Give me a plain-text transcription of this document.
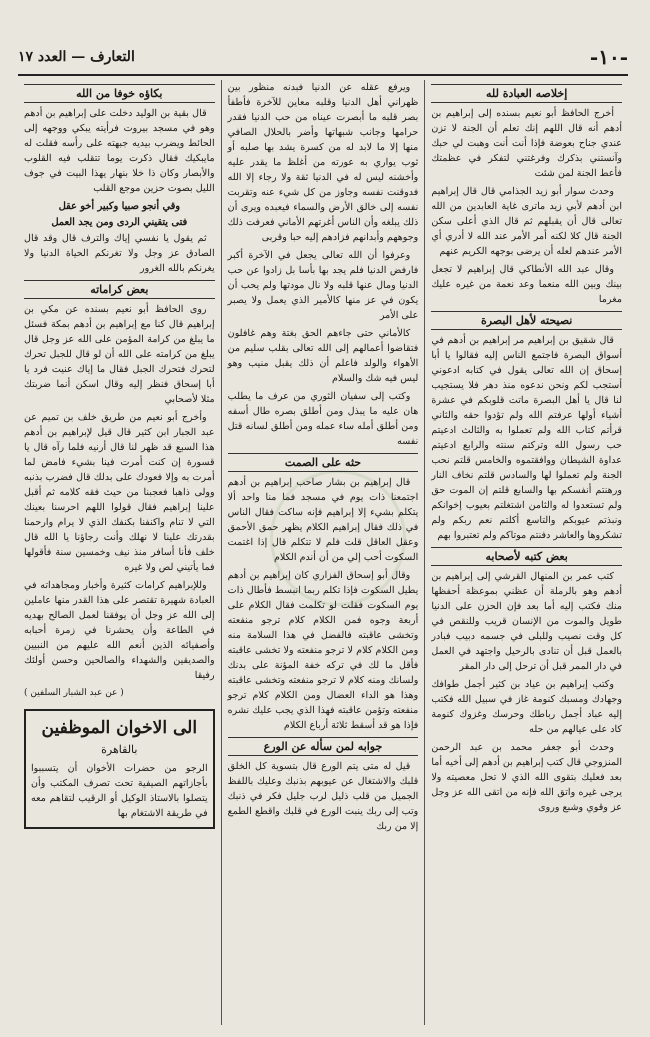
-١٠-
التعارف — العدد ١٧
إخلاصه العبادة لله

أخرج الحافظ أبو نعيم بسنده إلى إبراهيم بن أدهم أنه قال اللهم إنك تعلم أن الجنة لا تزن عندي جناح بعوضة فإذا أنت أنت وهبت لي حبك وآنستني بذكرك وفرغتني لتفكر في عظمتك فأعط الجنة لمن شئت

وحدث سوار أبو زيد الجذامي قال قال إبراهيم ابن أدهم لأبي زيد ماترى غاية العابدين من الله تعالى قال أن يقبلهم ثم قال الذي أعلى سكن الجنة قال كلا لكنه أمر الأمر عند الله لا أدري أي الأمر عندهم لعله أن يرضى بوجهه الكريم عنهم

وقال عبد الله الأنطاكي قال إبراهيم لا تجعل بينك وبين الله منعما وعد نعمة من غيره عليك مغرما

نصيحته لأهل البصرة

قال شقيق بن إبراهيم مر إبراهيم بن أدهم في أسواق البصرة فاجتمع الناس إليه فقالوا يا أبا إسحاق إن الله تعالى يقول في كتابه ادعوني أستجب لكم ونحن ندعوه منذ دهر فلا يستجيب لنا قال يا أهل البصرة ماتت قلوبكم في عشرة أشياء أولها عرفتم الله ولم تؤدوا حقه والثاني قرأتم كتاب الله ولم تعملوا به والثالث ادعيتم حب رسول الله وتركتم سنته والرابع ادعيتم عداوة الشيطان ووافقتموه والخامس قلتم نحب الجنة ولم تعملوا لها والسادس قلتم نخاف النار ورهنتم أنفسكم بها والسابع قلتم إن الموت حق ولم تستعدوا له والثامن اشتغلتم بعيوب إخوانكم ونبذتم عيوبكم والتاسع أكلتم نعم ربكم ولم تشكروها والعاشر دفنتم موتاكم ولم تعتبروا بهم

بعض كتبه لأصحابه

كتب عمر بن المنهال القرشي إلى إبراهيم بن أدهم وهو بالرملة أن عظني بموعظة أحفظها منك فكتب إليه أما بعد فإن الحزن على الدنيا طويل والموت من الإنسان قريب وللنقص في كل وقت نصيب وللبلى في جسمه دبيب فبادر بالعمل قبل أن تنادى بالرحيل واجتهد في العمل في دار الممر قبل أن ترحل إلى دار المقر

وكتب إبراهيم بن عياد بن كثير أجمل طوافك وجهادك ومسبك كنومة غاز في سبيل الله فكتب إليه عباد أجمل رباطك وحرسك وغزوك كنومة كاد على عيالهم من حله

وحدث أبو جعفر محمد بن عبد الرحمن المنزوجي قال كتب إبراهيم بن أدهم إلى أخيه أما بعد فعليك بتقوى الله الذي لا تحل معصيته ولا يرجى غيره واتق الله فإنه من اتقى الله عز وجل عز وقوي وشبع وروى

ويرفع عقله عن الدنيا فبدنه منظور بين ظهراني أهل الدنيا وقلبه معاين للآخرة فأطفأ بصر قلبه ما أبصرت عيناه من حب الدنيا فقدر حرامها وجانب شبهاتها وأضر بالحلال الصافي منها إلا ما لابد له من كسرة يشد بها صلبه أو ثوب يواري به عورته من أغلظ ما يقدر عليه وأخشنه ليس له في الدنيا ثقة ولا رجاء إلا الله فدوقنت نفسه وجاوز من كل شيء عنه وتقربت نفسه إلى خالق الأرض والسماء فيعبده ويرى أن ذلك يبلغه وأن الناس أغرتهم الأماني فعرفت ذلك وجوههم وأبدانهم فزادهم إليه حبا وقربى

وعرفوا أن الله تعالى يجعل في الآخرة أكبر فارفض الدنيا فلم يجد بها بأسا بل زادوا عن حب الدنيا ومال عنها قلبه ولا نال مودتها ولم يحب أن يكون في عز منها كالأمير الذي يعمل ولا يصبر على الأمر

كالأماني حتى جاءهم الحق بغتة وهم غافلون فتقاضوا أعمالهم إلى الله تعالى بقلب سليم من الأهواء والولد فاعلم أن ذلك يقبل منيب وهو ليس فيه شك والسلام

وكتب إلى سفيان الثوري من عرف ما يطلب هان عليه ما يبذل ومن أطلق بصره طال أسفه ومن أطلق أمله ساء عمله ومن أطلق لسانه قتل نفسه

حثه على الصمت

قال إبراهيم بن بشار صاحب إبراهيم بن أدهم اجتمعنا ذات يوم في مسجد فما منا واحد ألا يتكلم بشيء إلا إبراهيم فإنه ساكت فقال الناس في ذلك فقال إبراهيم الكلام يظهر حمق الأحمق وعقل العاقل قلت فلم لا تتكلم قال إذا اغتمت السكوت أحب إلي من أن أندم الكلام

وقال أبو إسحاق الفزاري كان إبراهيم بن أدهم يطيل السكوت فإذا تكلم ربما انبسط فأطال ذات يوم السكوت فقلت لو تكلمت فقال الكلام على أربعة وجوه فمن الكلام كلام ترجو منفعته وتخشى عاقبته فالفضل في هذا السلامة منه ومن الكلام كلام لا ترجو منفعته ولا تخشى عاقبته فأقل ما لك في تركه خفة المؤنة على بدنك ولسانك ومنه كلام لا ترجو منفعته وتخشى عاقبته وهذا هو الداء العضال ومن الكلام كلام ترجو منفعته وتؤمن عاقبته فهذا الذي يجب عليك نشره فإذا هو قد أسقط ثلاثة أرباع الكلام

جوابه لمن سأله عن الورع

قيل له متى يتم الورع قال بتسوية كل الخلق قلبك والاشتغال عن عيوبهم بذنبك وعليك باللفظ الجميل من قلب ذليل لرب جليل فكر في ذنبك وتب إلى ربك ينبت الورع في قلبك واقطع الطمع إلا من ربك

بكاؤه خوفا من الله

قال بقية بن الوليد دخلت على إبراهيم بن أدهم وهو في مسجد بيروت فرأيته يبكي ووجهه إلى الحائط ويضرب بيديه جبهته على رأسه فقلت له مايبكيك فقال ذكرت يوما تتقلب فيه القلوب والأبصار وكان ذا خلا بنهار يهذا البيت في جوف الليل بصوت حزين موجع القلب

وقي أنجو صبيا وكبير أخو عقل
فتى يتقيني الردى ومن يجد العمل

ثم يقول يا نفسي إياك والترف قال وقد قال الصادق عز وجل ولا تغرنكم الحياة الدنيا ولا يغرنكم بالله الغرور

بعض كراماته

روى الحافظ أبو نعيم بسنده عن مكي بن إبراهيم قال كنا مع إبراهيم بن أدهم بمكة فسئل ما يبلغ من كرامة المؤمن على الله عز وجل قال يبلغ من كرامته على الله أن لو قال للجبل تحرك لتحرك فتحرك الجبل فقال ما إياك عنيت فرد يا أبا إسحاق فنظر إليه وقال اسكن أنما ضربتك مثلا لأصحابي

وأخرج أبو نعيم من طريق خلف بن تميم عن عبد الجبار ابن كثير قال قيل لإبراهيم بن أدهم هذا السبع قد ظهر لنا قال أرنيه فلما رآه قال يا قسورة إن كنت أمرت فينا بشيء فامض لما أمرت به وإلا فعودك على بدلك قال فضرب بذنبه وولى ذاهبا فعجبنا من حيث فقه كلامه ثم أقبل علينا إبراهيم فقال قولوا اللهم احرسنا بعينك التي لا تنام واكنفنا بكنفك الذي لا يرام وارحمنا بقدرتك علينا لا نهلك وأنت رجاؤنا يا الله قال خلف فأنا أسافر منذ نيف وخمسين سنة فأقولها فما يأتيني لص ولا غيره

وللإبراهيم كرامات كثيرة وأخبار ومجاهداته في العبادة شهيرة تقتصر على هذا القدر منها عاملين إلى الله عز وجل أن يوفقنا لعمل الصالح بهديه في الطاعة وأن يحشرنا في زمرة أحبابه وأصفيائه الذين أنعم الله عليهم من النبيين والصديقين والشهداء والصالحين وحسن أولئك رفيقا

( عن عبد الشبار السلفين )
الى الاخوان الموظفين
بالقاهرة
الرجو من حضرات الأخوان أن يتسببوا بأجازاتهم الصيفية تحت تصرف المكتب وأن يتصلوا بالاستاذ الوكيل أو الرقيب لتقاهم معه في طريقة الاشتغام بها
